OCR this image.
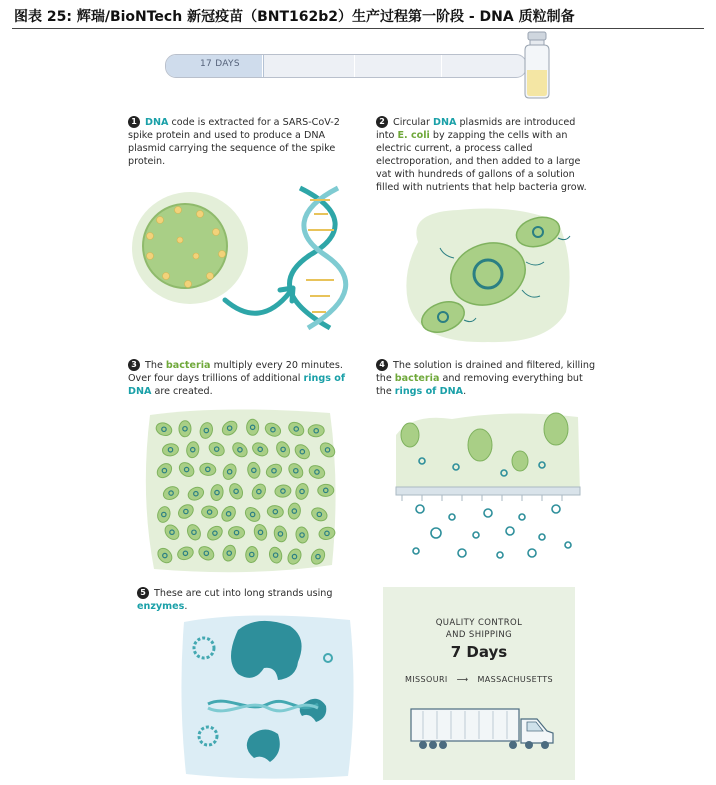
图表 25: 辉瑞/BioNTech 新冠疫苗（BNT162b2）生产过程第一阶段 - DNA 质粒制备
17 DAYS
1 DNA code is extracted for a SARS-CoV-2 spike protein and used to produce a DNA plasmid carrying the sequence of the spike protein.
2 Circular DNA plasmids are introduced into E. coli by zapping the cells with an electric current, a process called electroporation, and then added to a large vat with hundreds of gallons of a solution filled with nutrients that help bacteria grow.
3 The bacteria multiply every 20 minutes. Over four days trillions of additional rings of DNA are created.
4 The solution is drained and filtered, killing the bacteria and removing everything but the rings of DNA.
5 These are cut into long strands using enzymes.
QUALITY CONTROL
AND SHIPPING
7 Days
MISSOURI ⟶ MASSACHUSETTS
